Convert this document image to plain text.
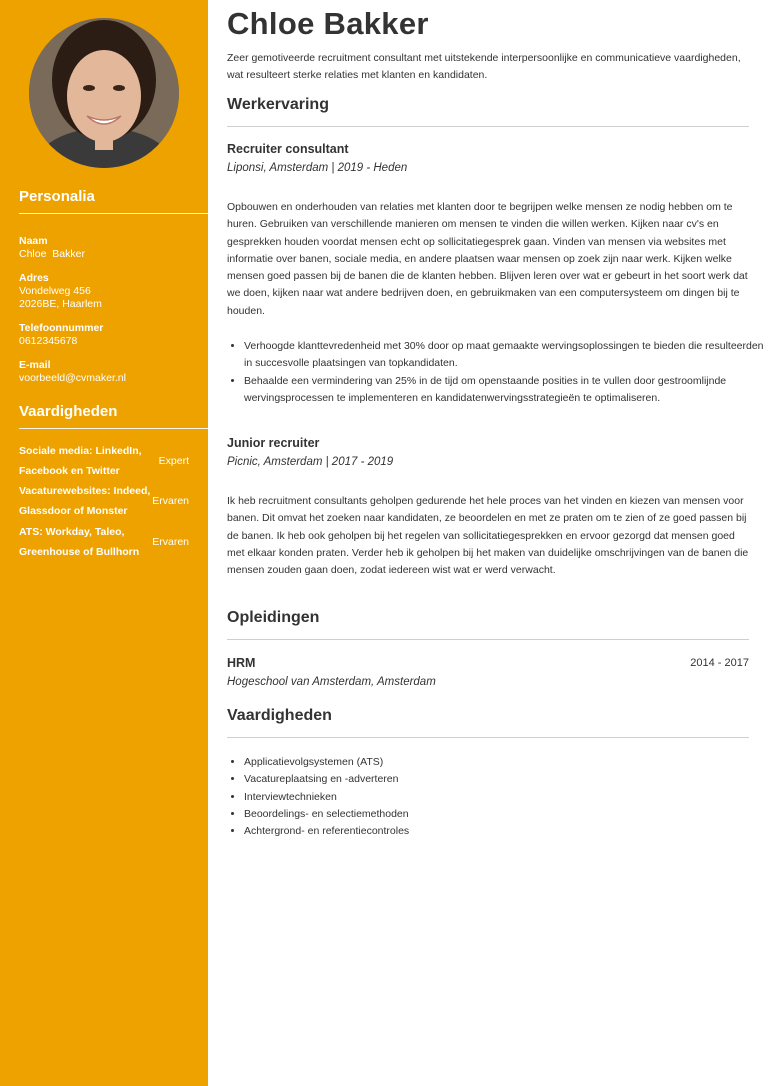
Personalia
Naam
Chloe  Bakker
Adres
Vondelweg 456
2026BE, Haarlem
Telefoonnummer
0612345678
E-mail
voorbeeld@cvmaker.nl
Vaardigheden
Sociale media: LinkedIn,
Facebook en Twitter
Expert
Vacaturewebsites: Indeed,
Glassdoor of Monster
Ervaren
ATS: Workday, Taleo,
Greenhouse of Bullhorn
Ervaren
Chloe Bakker
Zeer gemotiveerde recruitment consultant met uitstekende interpersoonlijke en communicatieve vaardigheden, wat resulteert sterke relaties met klanten en kandidaten.
Werkervaring
Recruiter consultant
Liponsi, Amsterdam | 2019 - Heden

Opbouwen en onderhouden van relaties met klanten door te begrijpen welke mensen ze nodig hebben om te huren. Gebruiken van verschillende manieren om mensen te vinden die willen werken. Kijken naar cv's en gesprekken houden voordat mensen echt op sollicitatiegesprek gaan. Vinden van mensen via websites met informatie over banen, sociale media, en andere plaatsen waar mensen op zoek zijn naar werk. Kijken welke mensen goed passen bij de banen die de klanten hebben. Blijven leren over wat er gebeurt in het soort werk dat we doen, kijken naar wat andere bedrijven doen, en gebruikmaken van een computersysteem om dingen bij te houden.

• Verhoogde klanttevredenheid met 30% door op maat gemaakte wervingsoplossingen te bieden die resulteerden in succesvolle plaatsingen van topkandidaten.
• Behaalde een vermindering van 25% in de tijd om openstaande posities in te vullen door gestroomlijnde wervingsprocessen te implementeren en kandidatenwervingsstrategieën te optimaliseren.
Junior recruiter
Picnic, Amsterdam | 2017 - 2019

Ik heb recruitment consultants geholpen gedurende het hele proces van het vinden en kiezen van mensen voor banen. Dit omvat het zoeken naar kandidaten, ze beoordelen en met ze praten om te zien of ze goed passen bij de banen. Ik heb ook geholpen bij het regelen van sollicitatiegesprekken en ervoor gezorgd dat mensen goed met elkaar konden praten. Verder heb ik geholpen bij het maken van duidelijke omschrijvingen van de banen die mensen zouden gaan doen, zodat iedereen wist wat er werd verwacht.

Opleidingen
HRM	2014 - 2017
Hogeschool van Amsterdam, Amsterdam
Vaardigheden
• Applicatievolgsystemen (ATS)
• Vacatureplaatsing en -adverteren
• Interviewtechnieken
• Beoordelings- en selectiemethoden
• Achtergrond- en referentiecontroles
